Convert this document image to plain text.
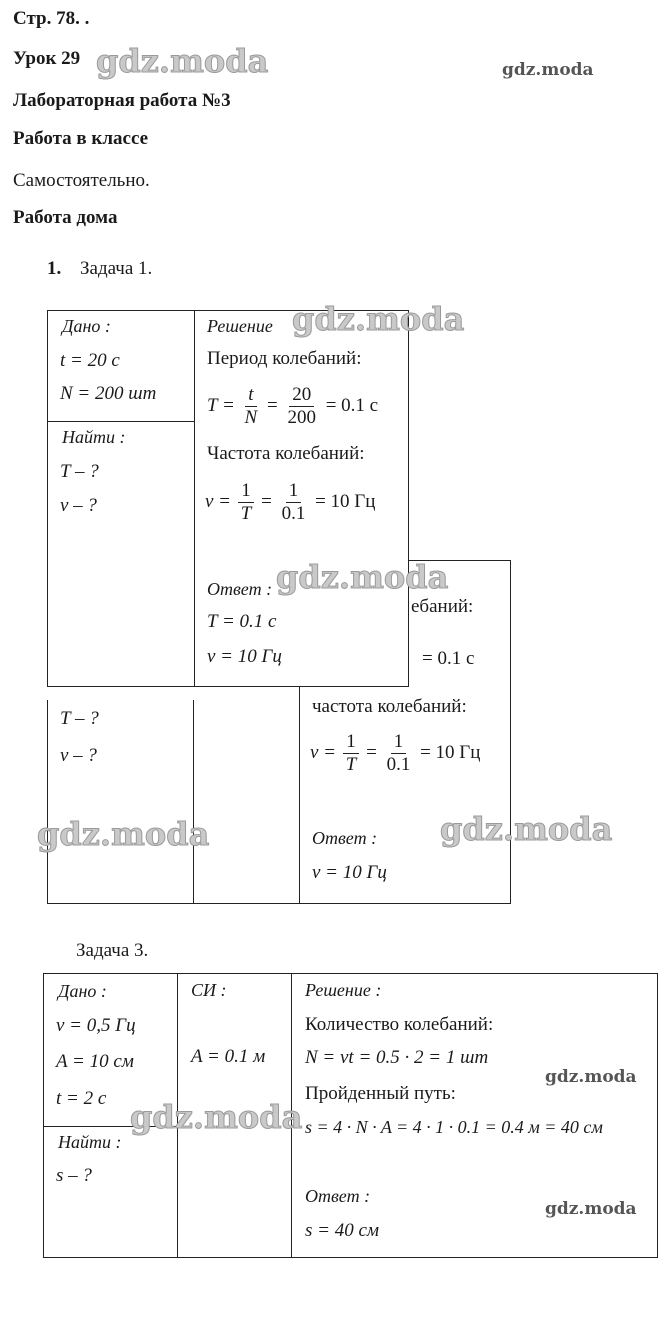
Стр. 78. .
Урок 29
Лабораторная работа №3
Работа в классе
Самостоятельно.
Работа дома
1. Задача 1.
ебаний:
= 0.1 с
T – ?
ν – ?
частота колебаний:
$\nu = \frac{1}{T} = \frac{1}{0.1} = 10$ Гц
Ответ :
ν = 10 Гц
Дано :
t = 20 с
N = 200 шт
Найти :
T – ?
ν – ?
Решение
Период колебаний:
$T = \frac{t}{N} = \frac{20}{200} = 0.1$ с
Частота колебаний:
$\nu = \frac{1}{T} = \frac{1}{0.1} = 10$ Гц
Ответ :
T = 0.1 с
ν = 10 Гц
Задача 3.
Дано :
ν = 0,5 Гц
A = 10 см
t = 2 с
Найти :
s – ?
СИ :
A = 0.1 м
Решение :
Количество колебаний:
N = νt = 0.5 · 2 = 1 шт
Пройденный путь:
s = 4 · N · A = 4 · 1 · 0.1 = 0.4 м = 40 см
Ответ :
s = 40 см
gdz.moda	gdz.moda
gdz.moda
gdz.moda
gdz.moda	gdz.moda
gdz.moda
gdz.moda
gdz.moda
